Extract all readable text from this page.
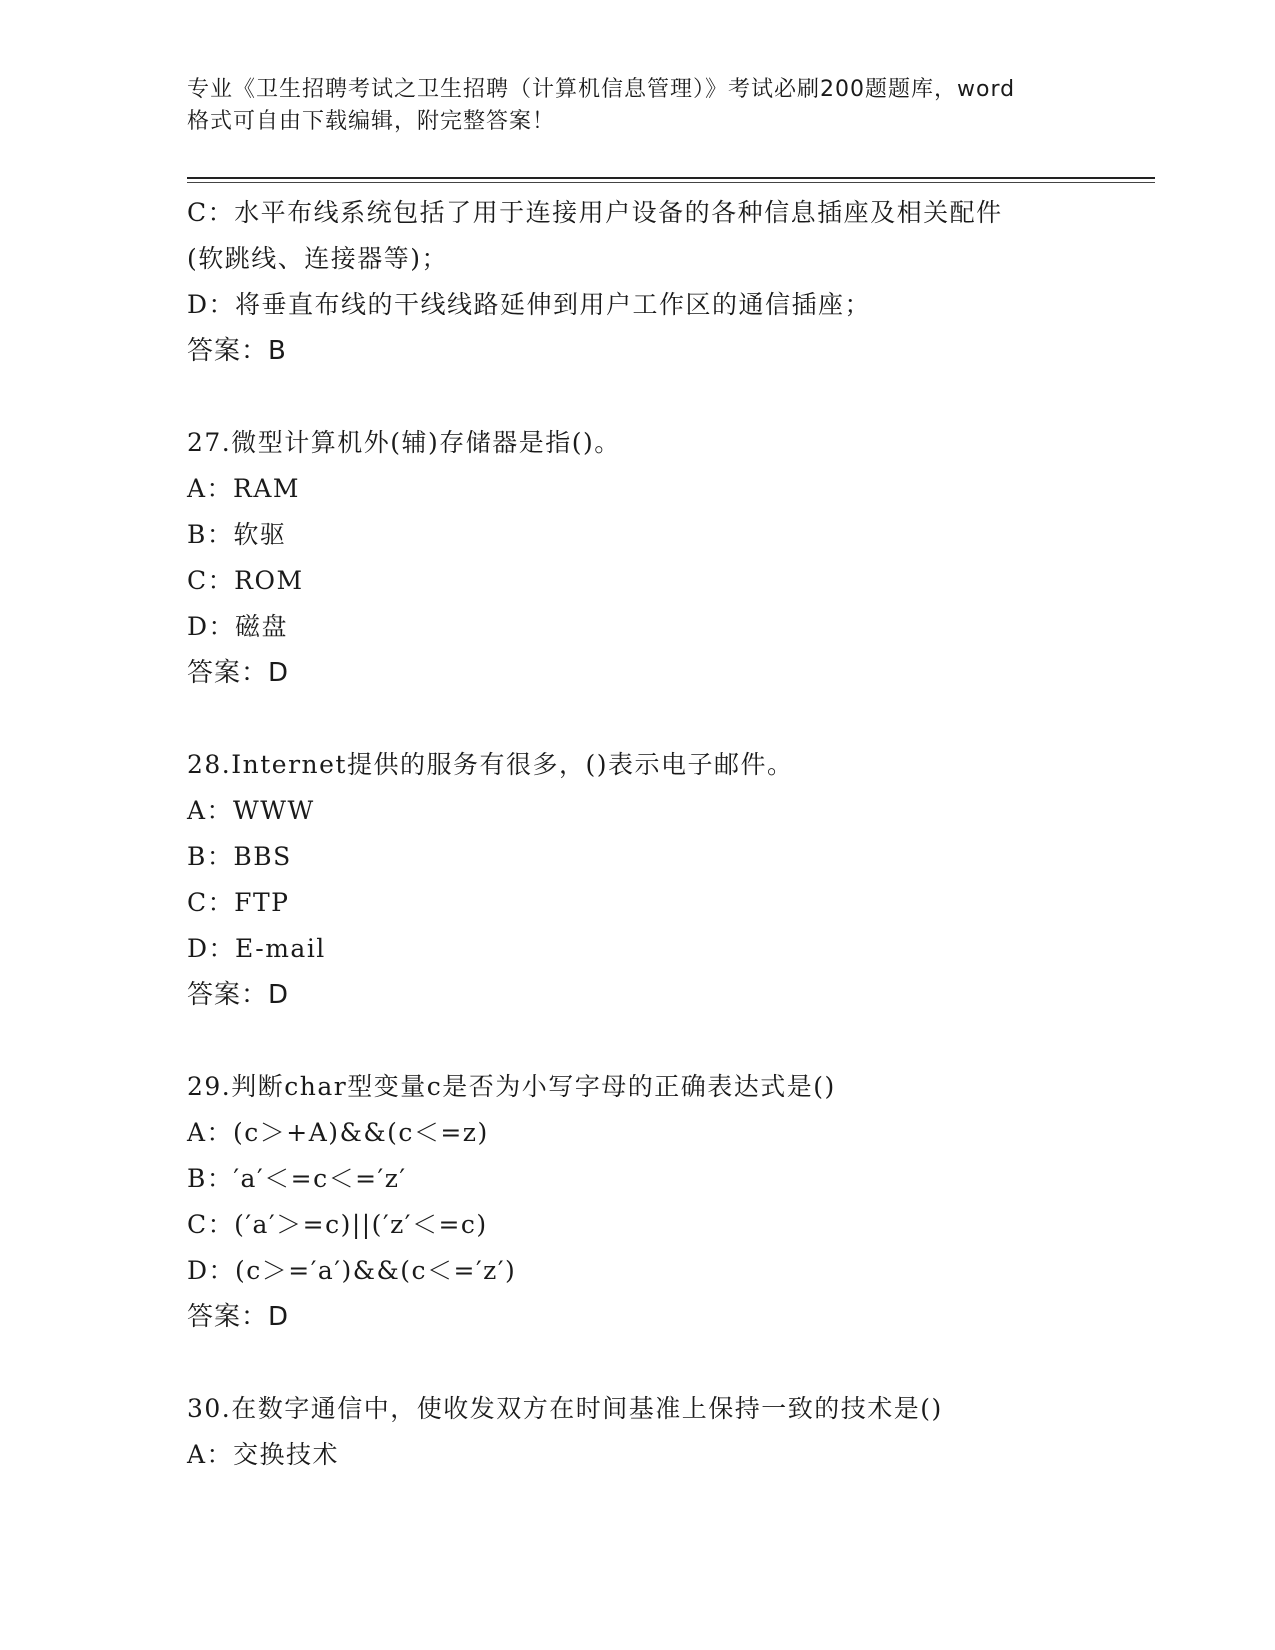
专业《卫生招聘考试之卫生招聘（计算机信息管理）》考试必刷200题题库，word
格式可自由下载编辑，附完整答案！
C：水平布线系统包括了用于连接用户设备的各种信息插座及相关配件
(软跳线、连接器等)；
D：将垂直布线的干线线路延伸到用户工作区的通信插座；
答案：B
27.微型计算机外(辅)存储器是指()。
A：RAM
B：软驱
C：ROM
D：磁盘
答案：D
28.Internet提供的服务有很多，()表示电子邮件。
A：WWW
B：BBS
C：FTP
D：E-mail
答案：D
29.判断char型变量c是否为小写字母的正确表达式是()
A：(c＞+A)&&(c＜=z)
B：′a′＜=c＜=′z′
C：(′a′＞=c)||(′z′＜=c)
D：(c＞=′a′)&&(c＜=′z′)
答案：D
30.在数字通信中，使收发双方在时间基准上保持一致的技术是()
A：交换技术
